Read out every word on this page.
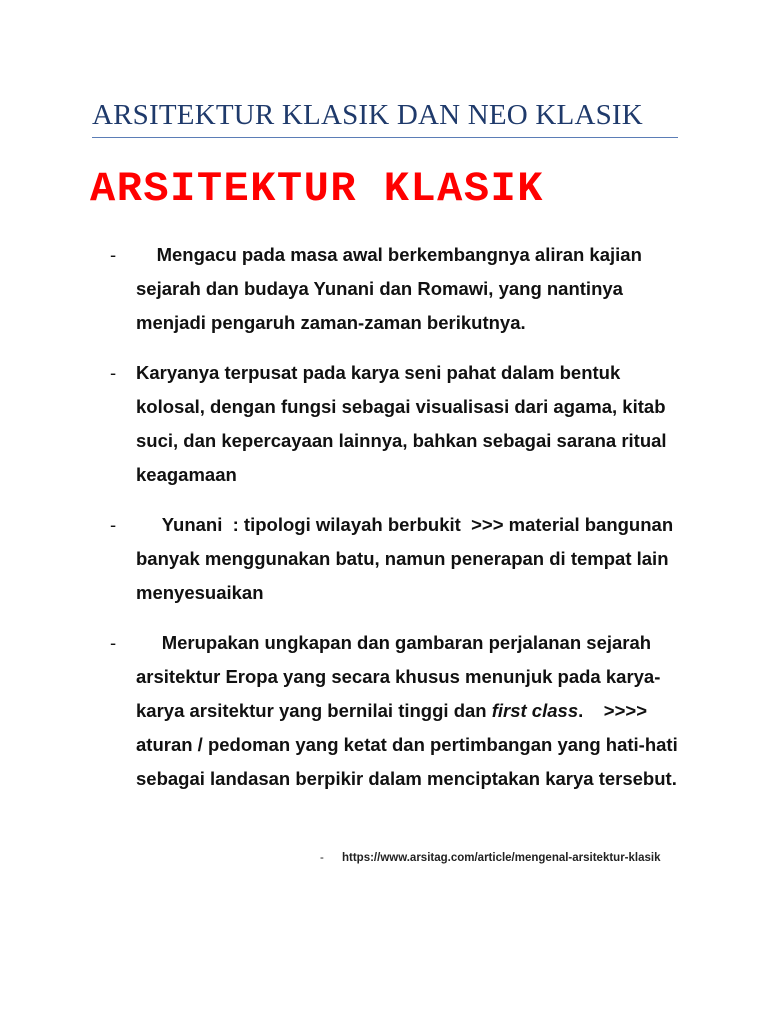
ARSITEKTUR KLASIK DAN NEO KLASIK
ARSITEKTUR KLASIK
- Mengacu pada masa awal berkembangnya aliran kajian sejarah dan budaya Yunani dan Romawi, yang nantinya menjadi pengaruh zaman-zaman berikutnya.
- Karyanya terpusat pada karya seni pahat dalam bentuk kolosal, dengan fungsi sebagai visualisasi dari agama, kitab suci, dan kepercayaan lainnya, bahkan sebagai sarana ritual keagamaan
- Yunani  : tipologi wilayah berbukit  >>> material bangunan banyak menggunakan batu, namun penerapan di tempat lain menyesuaikan
- Merupakan ungkapan dan gambaran perjalanan sejarah arsitektur Eropa yang secara khusus menunjuk pada karya-karya arsitektur yang bernilai tinggi dan first class.    >>>> aturan / pedoman yang ketat dan pertimbangan yang hati-hati sebagai landasan berpikir dalam menciptakan karya tersebut.
- https://www.arsitag.com/article/mengenal-arsitektur-klasik
